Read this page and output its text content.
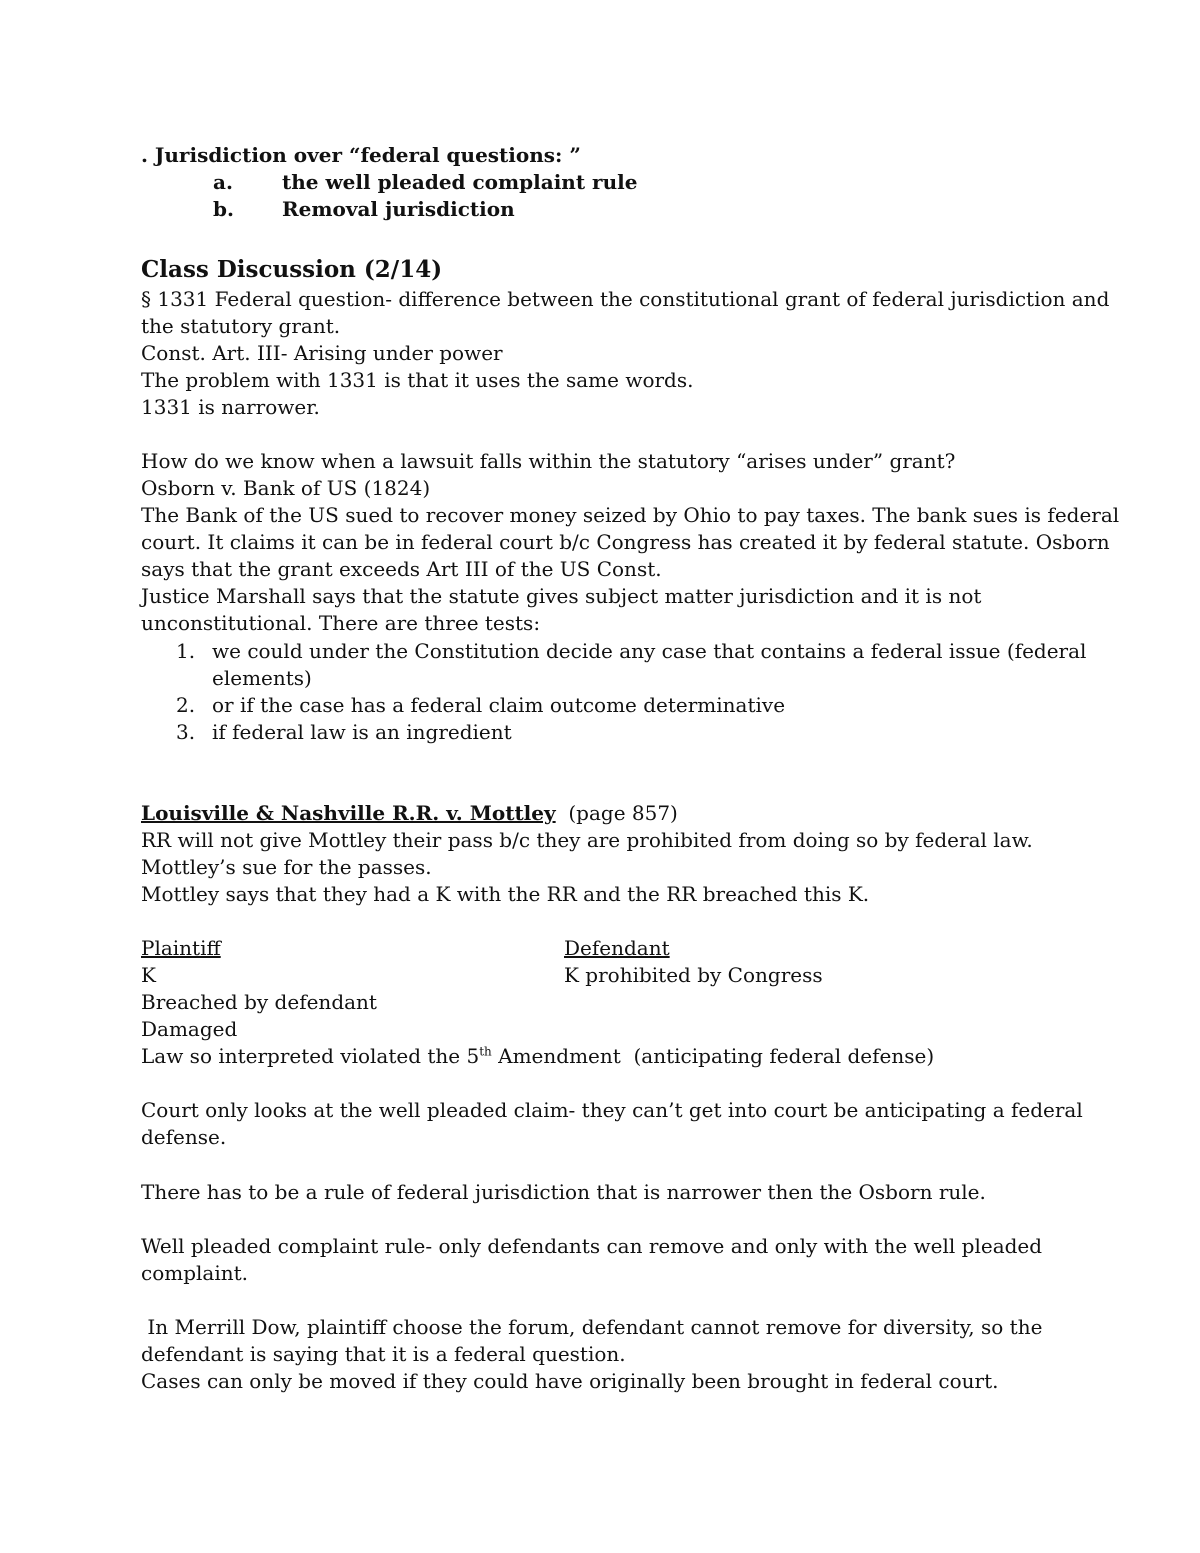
. Jurisdiction over “federal questions: ”
a. the well pleaded complaint rule
b. Removal jurisdiction
Class Discussion (2/14)
§ 1331 Federal question- difference between the constitutional grant of federal jurisdiction and
the statutory grant.
Const. Art. III- Arising under power
The problem with 1331 is that it uses the same words.
1331 is narrower.
How do we know when a lawsuit falls within the statutory “arises under” grant?
Osborn v. Bank of US (1824)
The Bank of the US sued to recover money seized by Ohio to pay taxes. The bank sues is federal
court. It claims it can be in federal court b/c Congress has created it by federal statute. Osborn
says that the grant exceeds Art III of the US Const.
Justice Marshall says that the statute gives subject matter jurisdiction and it is not
unconstitutional. There are three tests:
1. we could under the Constitution decide any case that contains a federal issue (federal
elements)
2. or if the case has a federal claim outcome determinative
3. if federal law is an ingredient
Louisville & Nashville R.R. v. Mottley  (page 857)
RR will not give Mottley their pass b/c they are prohibited from doing so by federal law.
Mottley’s sue for the passes.
Mottley says that they had a K with the RR and the RR breached this K.
Plaintiff	Defendant
K	K prohibited by Congress
Breached by defendant
Damaged
Law so interpreted violated the 5th Amendment  (anticipating federal defense)
Court only looks at the well pleaded claim- they can’t get into court be anticipating a federal
defense.
There has to be a rule of federal jurisdiction that is narrower then the Osborn rule.
Well pleaded complaint rule- only defendants can remove and only with the well pleaded
complaint.
In Merrill Dow, plaintiff choose the forum, defendant cannot remove for diversity, so the
defendant is saying that it is a federal question.
Cases can only be moved if they could have originally been brought in federal court.
